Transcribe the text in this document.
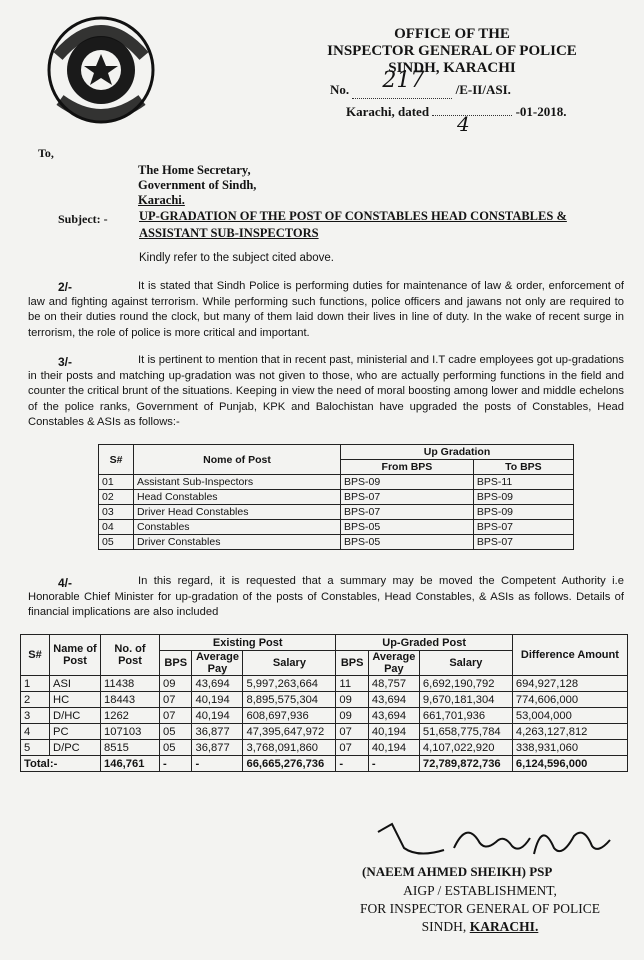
OFFICE OF THE
INSPECTOR GENERAL OF POLICE
SINDH, KARACHI
No. 217 /E-II/ASI.
Karachi, dated	-01-2018.
4
To,
The Home Secretary,
Government of Sindh,
Karachi.
Subject: -	UP-GRADATION OF THE POST OF CONSTABLES HEAD CONSTABLES & ASSISTANT SUB-INSPECTORS
Kindly refer to the subject cited above.
2/-	It is stated that Sindh Police is performing duties for maintenance of law & order, enforcement of law and fighting against terrorism. While performing such functions, police officers and jawans not only are required to be on their duties round the clock, but many of them laid down their lives in line of duty. In the wake of recent surge in terrorism, the role of police is more critical and important.
3/-	It is pertinent to mention that in recent past, ministerial and I.T cadre employees got up-gradations in their posts and matching up-gradation was not given to those, who are actually performing functions in the field and counter the critical brunt of the situations. Keeping in view the need of moral boosting among lower and middle echelons of the police ranks, Government of Punjab, KPK and Balochistan have upgraded the posts of Constables, Head Constables & ASIs as follows:-
S#	Nome of Post	Up Gradation	
		From BPS	To BPS
01	Assistant Sub-Inspectors	BPS-09	BPS-11
02	Head Constables	BPS-07	BPS-09
03	Driver Head Constables	BPS-07	BPS-09
04	Constables	BPS-05	BPS-07
05	Driver Constables	BPS-05	BPS-07
4/-	In this regard, it is requested that a summary may be moved the Competent Authority i.e Honorable Chief Minister for up-gradation of the posts of Constables, Head Constables, & ASIs as follows. Details of financial implications are also included
S#	Name of Post	No. of Post	Existing Post			Up-Graded Post			Difference Amount
			BPS	Average Pay	Salary	BPS	Average Pay	Salary	
1	ASI	11438	09	43,694	5,997,263,664	11	48,757	6,692,190,792	694,927,128
2	HC	18443	07	40,194	8,895,575,304	09	43,694	9,670,181,304	774,606,000
3	D/HC	1262	07	40,194	608,697,936	09	43,694	661,701,936	53,004,000
4	PC	107103	05	36,877	47,395,647,972	07	40,194	51,658,775,784	4,263,127,812
5	D/PC	8515	05	36,877	3,768,091,860	07	40,194	4,107,022,920	338,931,060
Total:-		146,761	-	-	66,665,276,736	-	-	72,789,872,736	6,124,596,000
(NAEEM AHMED SHEIKH) PSP
AIGP / ESTABLISHMENT,
FOR INSPECTOR GENERAL OF POLICE
SINDH, KARACHI.
